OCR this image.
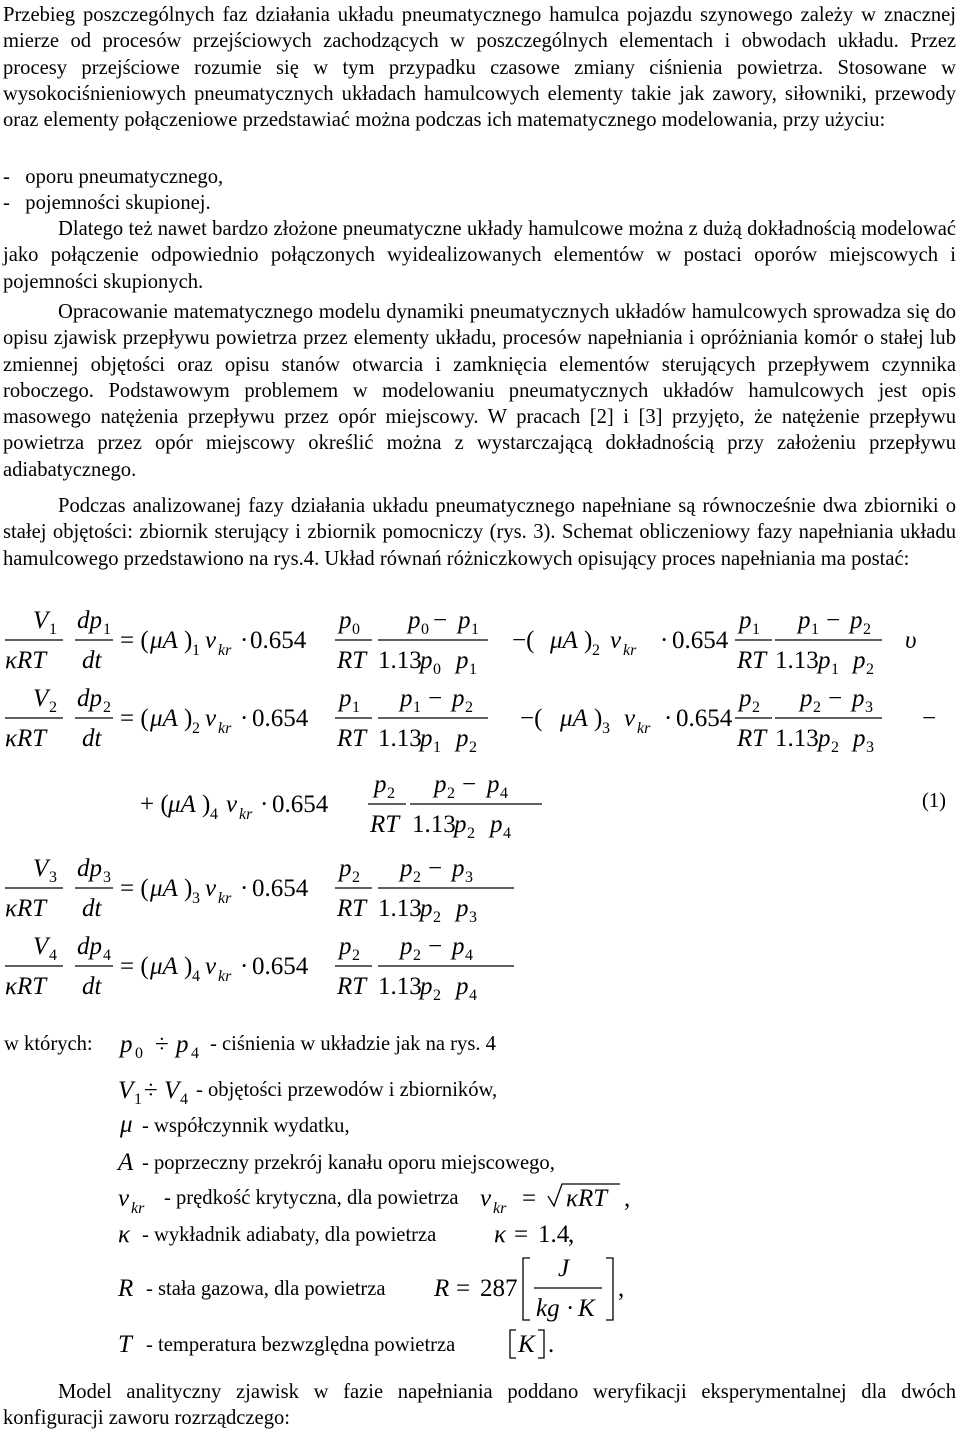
Przebieg poszczególnych faz działania układu pneumatycznego hamulca pojazdu szynowego zależy w znacznej mierze od procesów przejściowych zachodzących w poszczególnych elementach i obwodach układu. Przez procesy przejściowe rozumie się w tym przypadku czasowe zmiany ciśnienia powietrza. Stosowane w wysokociśnieniowych pneumatycznych układach hamulcowych elementy takie jak zawory, siłowniki, przewody oraz elementy połączeniowe przedstawiać można podczas ich matematycznego modelowania, przy użyciu:

-   oporu pneumatycznego,
-   pojemności skupionej.

Dlatego też nawet bardzo złożone pneumatyczne układy hamulcowe można z dużą dokładnością modelować jako połączenie odpowiednio połączonych wyidealizowanych elementów w postaci oporów miejscowych i pojemności skupionych.

Opracowanie matematycznego modelu dynamiki pneumatycznych układów hamulcowych sprowadza się do opisu zjawisk przepływu powietrza przez elementy układu, procesów napełniania i opróżniania komór o stałej lub zmiennej objętości oraz opisu stanów otwarcia i zamknięcia elementów sterujących przepływem czynnika roboczego. Podstawowym problemem w modelowaniu pneumatycznych układów hamulcowych jest opis masowego natężenia przepływu przez opór miejscowy. W pracach [2] i [3] przyjęto, że natężenie przepływu powietrza przez opór miejscowy określić można z wystarczającą dokładnością przy założeniu przepływu adiabatycznego.

Podczas analizowanej fazy działania układu pneumatycznego napełniane są równocześnie dwa zbiorniki o stałej objętości: zbiornik sterujący i zbiornik pomocniczy (rys. 3). Schemat obliczeniowy fazy napełniania układu hamulcowego przedstawiono na rys.4. Układ równań różniczkowych opisujący proces napełniania ma postać:

Model analityczny zjawisk w fazie napełniania poddano weryfikacji eksperymentalnej dla dwóch konfiguracji zaworu rozrządczego:

V 1
κRT
dp 1
dt
= ( μA ) 1 ν kr · 0.654
p 0
RT
p 0 − p 1
1.13
p 0 p 1
−( μA ) 2 ν kr · 0.654
p 1
RT
p 1 − p 2
1.13 p 1 p 2
υ
V 2
κRT
dp 2
dt
= ( μA ) 2 ν kr · 0.654
p 1
RT
p 1 − p 2
1.13
p 1 p 2
−( μA ) 3 ν kr · 0.654
p 2
RT
p 2 − p 3
1.13 p 2 p 3
−
+ ( μA ) 4 ν kr · 0.654
p 2
RT
p 2 − p 4
1.13
p 2 p 4
V 3
κRT
dp 3
dt
= ( μA ) 3 ν kr · 0.654
p 2
RT
p 2 − p 3
1.13
p 2 p 3
V 4
κRT
dp 4
dt
= ( μA ) 4 ν kr · 0.654
p 2
RT
p 2 − p 4
1.13
p 2 p 4
p 0 ÷ p 4
V 1 ÷ V 4
μ
A
ν kr	ν kr = κRT ,
κ	κ = 1.4
,
R	R = 287
J
kg · K
,
T	K .
(1)
w których:	- ciśnienia w układzie jak na rys. 4
- objętości przewodów i zbiorników,
- współczynnik wydatku,
- poprzeczny przekrój kanału oporu miejscowego,
- prędkość krytyczna, dla powietrza
- wykładnik adiabaty, dla powietrza
- stała gazowa, dla powietrza
- temperatura bezwzględna powietrza
